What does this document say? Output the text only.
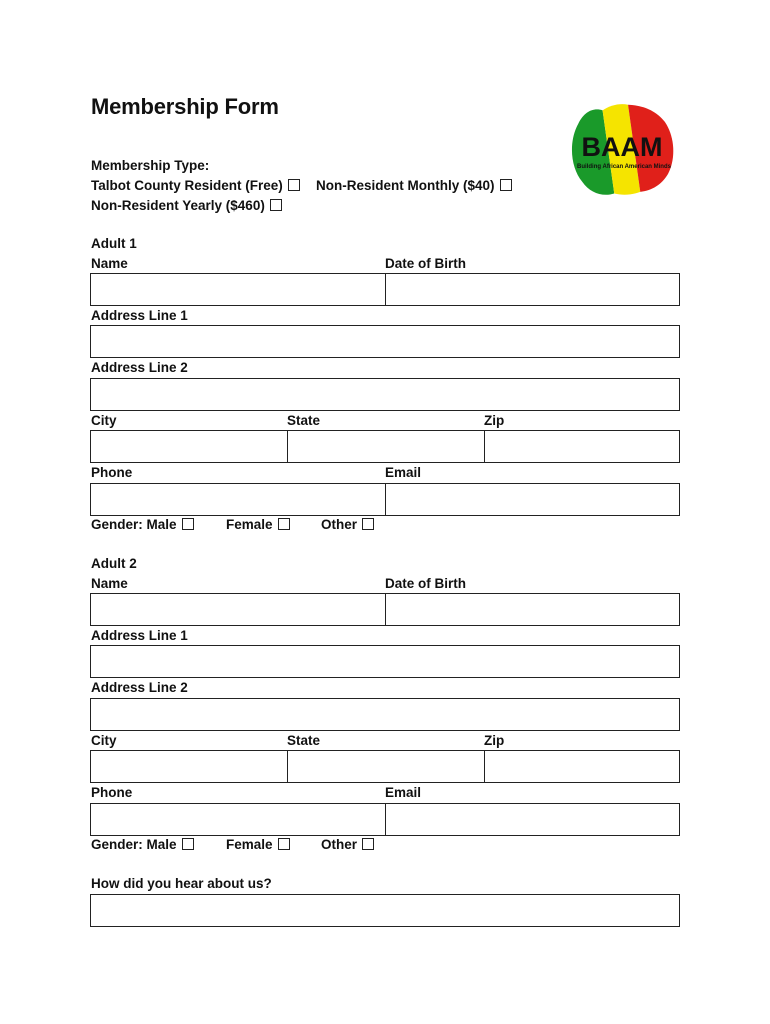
Membership Form
BAAM
Building African American Minds
Membership Type:
Talbot County Resident (Free)	Non-Resident Monthly ($40)
Non-Resident Yearly ($460)
Adult 1
Name	Date of Birth
Address Line 1
Address Line 2
City	State	Zip
Phone	Email
Gender: Male	Female	Other
Adult 2
Name	Date of Birth
Address Line 1
Address Line 2
City	State	Zip
Phone	Email
Gender: Male	Female	Other
How did you hear about us?
